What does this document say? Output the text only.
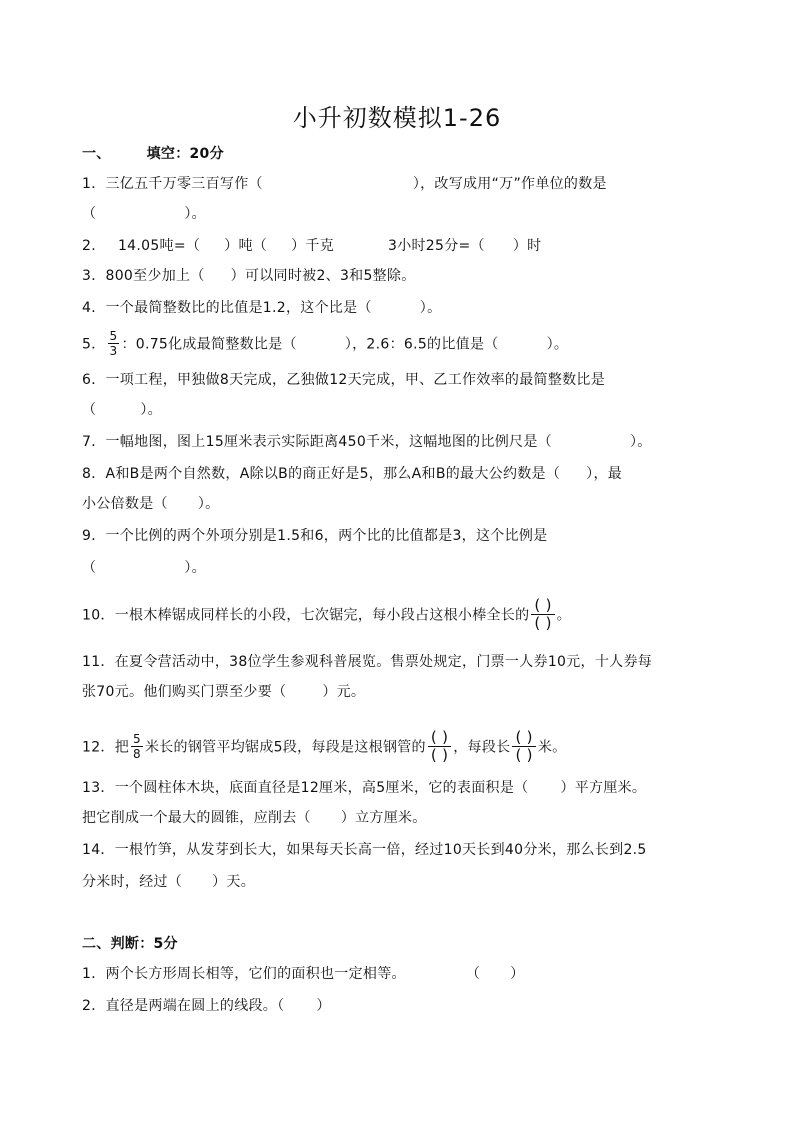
小升初数模拟1-26
一、	填空：20分
1．三亿五千万零三百写作（	），改写成用“万”作单位的数是
（	）。
2. 14.05吨=（ ）吨（ ）千克	3小时25分=（ ）时
3．800至少加上（ ）可以同时被2、3和5整除。
4．一个最简整数比的比值是1.2，这个比是（	）。
5． $\frac{5}{3}$ ：0.75化成最简整数比是（	），2.6：6.5的比值是（	）。
6．一项工程，甲独做8天完成，乙独做12天完成，甲、乙工作效率的最简整数比是
（	）。
7．一幅地图，图上15厘米表示实际距离450千米，这幅地图的比例尺是（	）。
8．A和B是两个自然数，A除以B的商正好是5，那么A和B的最大公约数是（ ），最
小公倍数是（ ）。
9．一个比例的两个外项分别是1.5和6，两个比的比值都是3，这个比例是
（	）。
10．一根木棒锯成同样长的小段，七次锯完，每小段占这根小棒全长的 $\frac{( )}{( )}$ 。
11．在夏令营活动中，38位学生参观科普展览。售票处规定，门票一人券10元，十人券每
张70元。他们购买门票至少要（	）元。
12．把 $\frac{5}{8}$ 米长的钢管平均锯成5段，每段是这根钢管的 $\frac{( )}{( )}$ ，每段长 $\frac{( )}{( )}$ 米。
13．一个圆柱体木块，底面直径是12厘米，高5厘米，它的表面积是（ ）平方厘米。
把它削成一个最大的圆锥，应削去（ ）立方厘米。
14．一根竹笋，从发芽到长大，如果每天长高一倍，经过10天长到40分米，那么长到2.5
分米时，经过（ ）天。
二、判断：5分
1．两个长方形周长相等，它们的面积也一定相等。	（ ）
2．直径是两端在圆上的线段。（ ）
